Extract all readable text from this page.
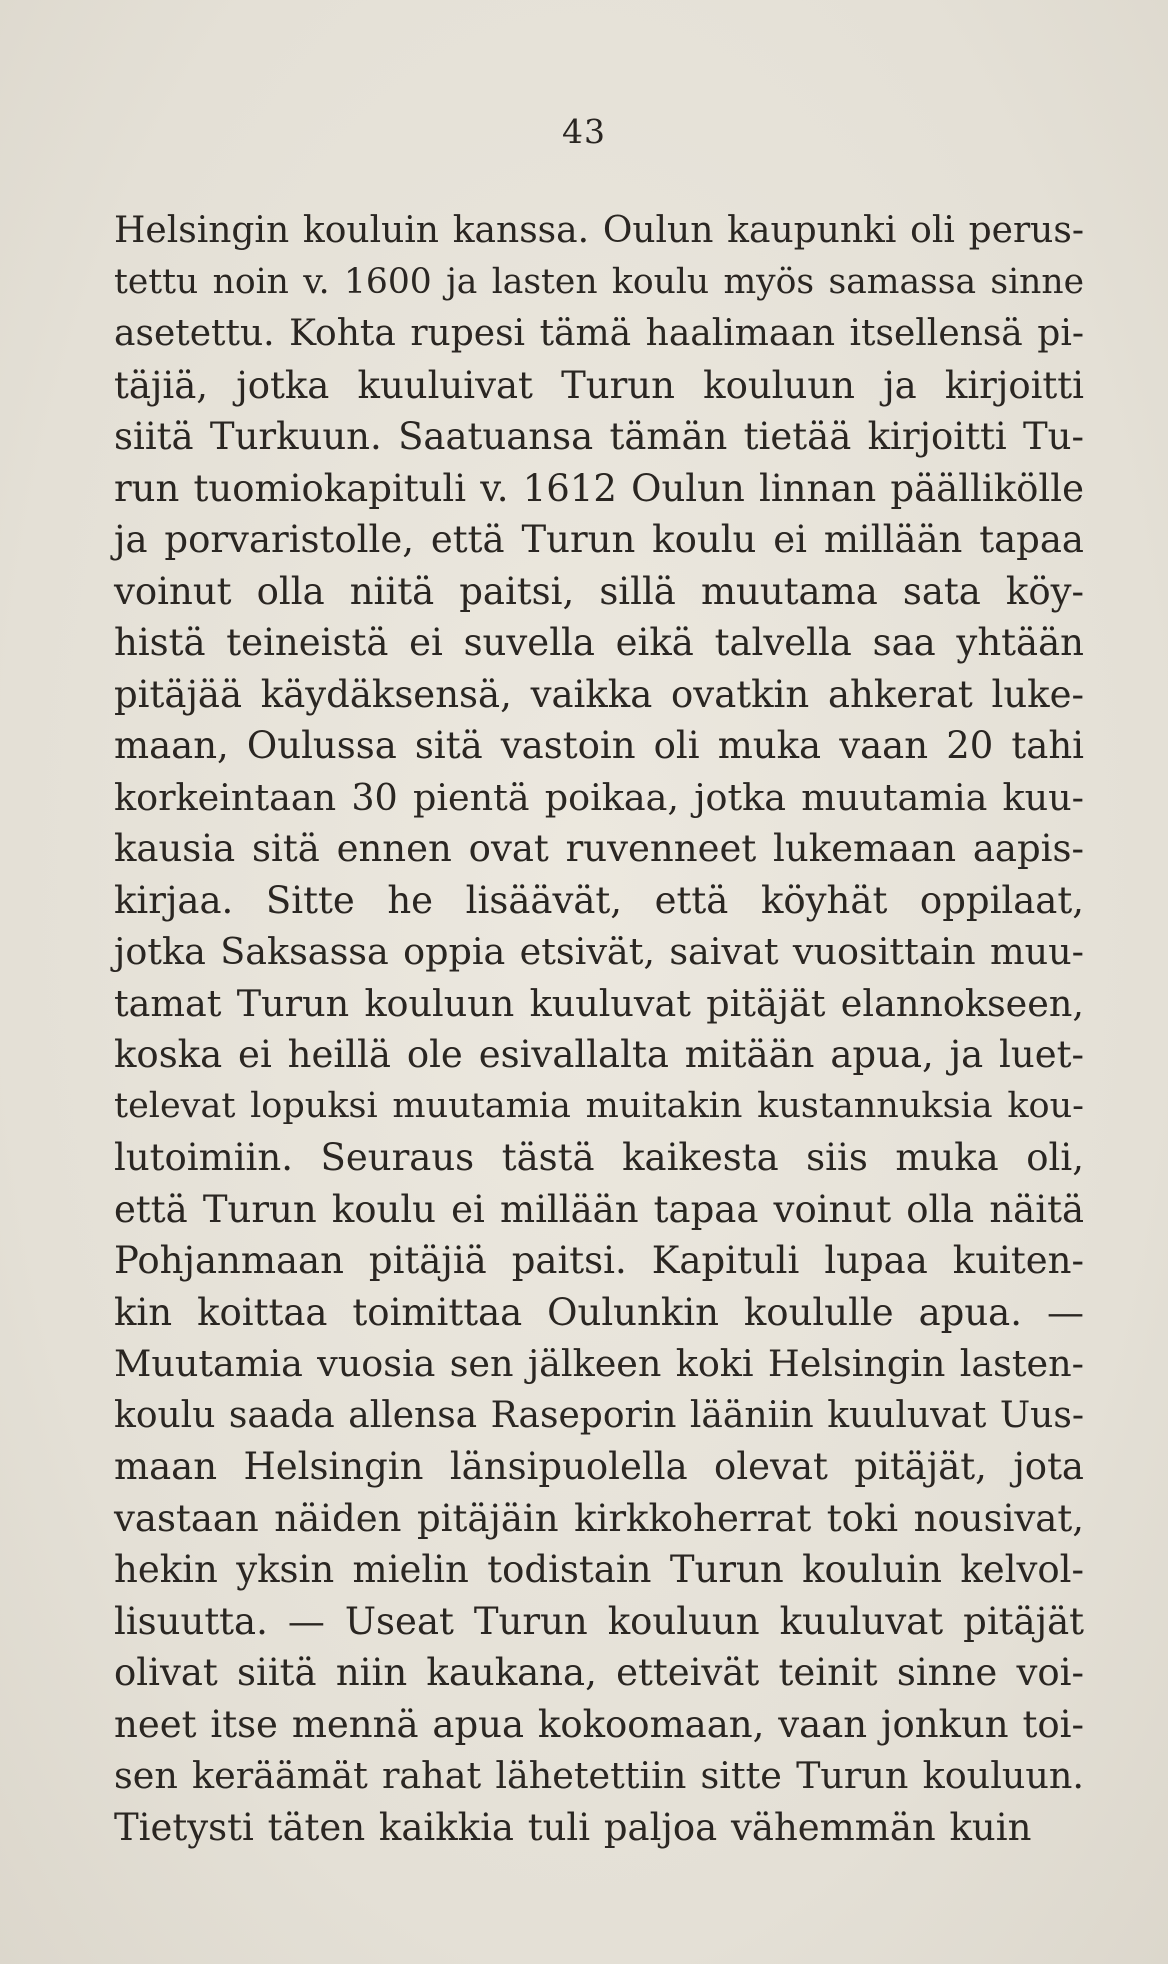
43
Helsingin kouluin kanssa. Oulun kaupunki oli perus-
tettu noin v. 1600 ja lasten koulu myös samassa sinne
asetettu. Kohta rupesi tämä haalimaan itsellensä pi-
täjiä, jotka kuuluivat Turun kouluun ja kirjoitti
siitä Turkuun. Saatuansa tämän tietää kirjoitti Tu-
run tuomiokapituli v. 1612 Oulun linnan päällikölle
ja porvaristolle, että Turun koulu ei millään tapaa
voinut olla niitä paitsi, sillä muutama sata köy-
histä teineistä ei suvella eikä talvella saa yhtään
pitäjää käydäksensä, vaikka ovatkin ahkerat luke-
maan, Oulussa sitä vastoin oli muka vaan 20 tahi
korkeintaan 30 pientä poikaa, jotka muutamia kuu-
kausia sitä ennen ovat ruvenneet lukemaan aapis-
kirjaa. Sitte he lisäävät, että köyhät oppilaat,
jotka Saksassa oppia etsivät, saivat vuosittain muu-
tamat Turun kouluun kuuluvat pitäjät elannokseen,
koska ei heillä ole esivallalta mitään apua, ja luet-
televat lopuksi muutamia muitakin kustannuksia kou-
lutoimiin. Seuraus tästä kaikesta siis muka oli,
että Turun koulu ei millään tapaa voinut olla näitä
Pohjanmaan pitäjiä paitsi. Kapituli lupaa kuiten-
kin koittaa toimittaa Oulunkin koululle apua. —
Muutamia vuosia sen jälkeen koki Helsingin lasten-
koulu saada allensa Raseporin lääniin kuuluvat Uus-
maan Helsingin länsipuolella olevat pitäjät, jota
vastaan näiden pitäjäin kirkkoherrat toki nousivat,
hekin yksin mielin todistain Turun kouluin kelvol-
lisuutta. — Useat Turun kouluun kuuluvat pitäjät
olivat siitä niin kaukana, etteivät teinit sinne voi-
neet itse mennä apua kokoomaan, vaan jonkun toi-
sen keräämät rahat lähetettiin sitte Turun kouluun.
Tietysti täten kaikkia tuli paljoa vähemmän kuin
